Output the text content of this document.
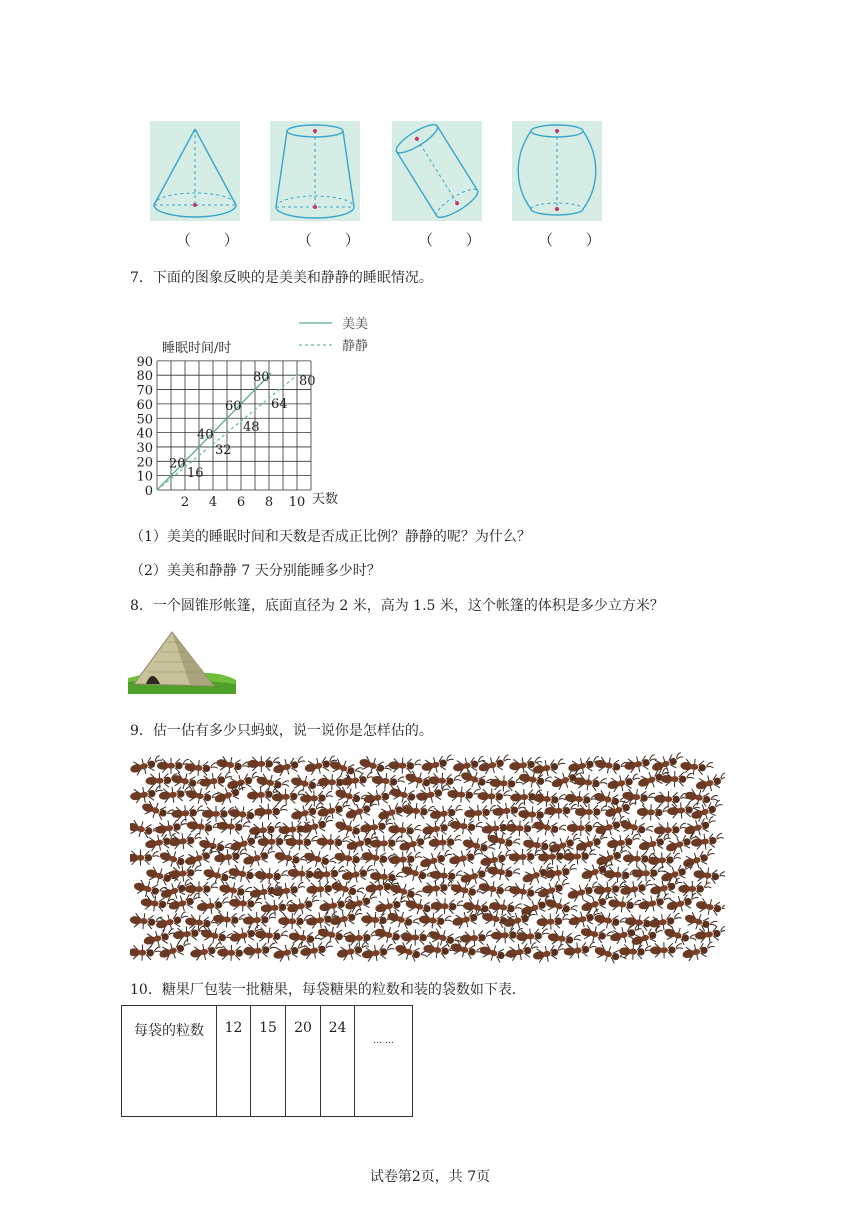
（ ）	（ ）	（ ）	（ ）
7．下面的图象反映的是美美和静静的睡眠情况。
0
10
20
30
40
50
60
70
80
90
2 4 6 8 10
20
40
60
80
16
32
48
64
80
睡眠时间/时
天数
美美
静静
（1）美美的睡眠时间和天数是否成正比例？静静的呢？为什么？
（2）美美和静静 7 天分别能睡多少时？
8．一个圆锥形帐篷，底面直径为 2 米，高为 1.5 米，这个帐篷的体积是多少立方米？
9．估一估有多少只蚂蚁，说一说你是怎样估的。
10．糖果厂包装一批糖果，每袋糖果的粒数和装的袋数如下表．
每袋的粒数	12	15	20	24	… …
试卷第2页，共 7页
